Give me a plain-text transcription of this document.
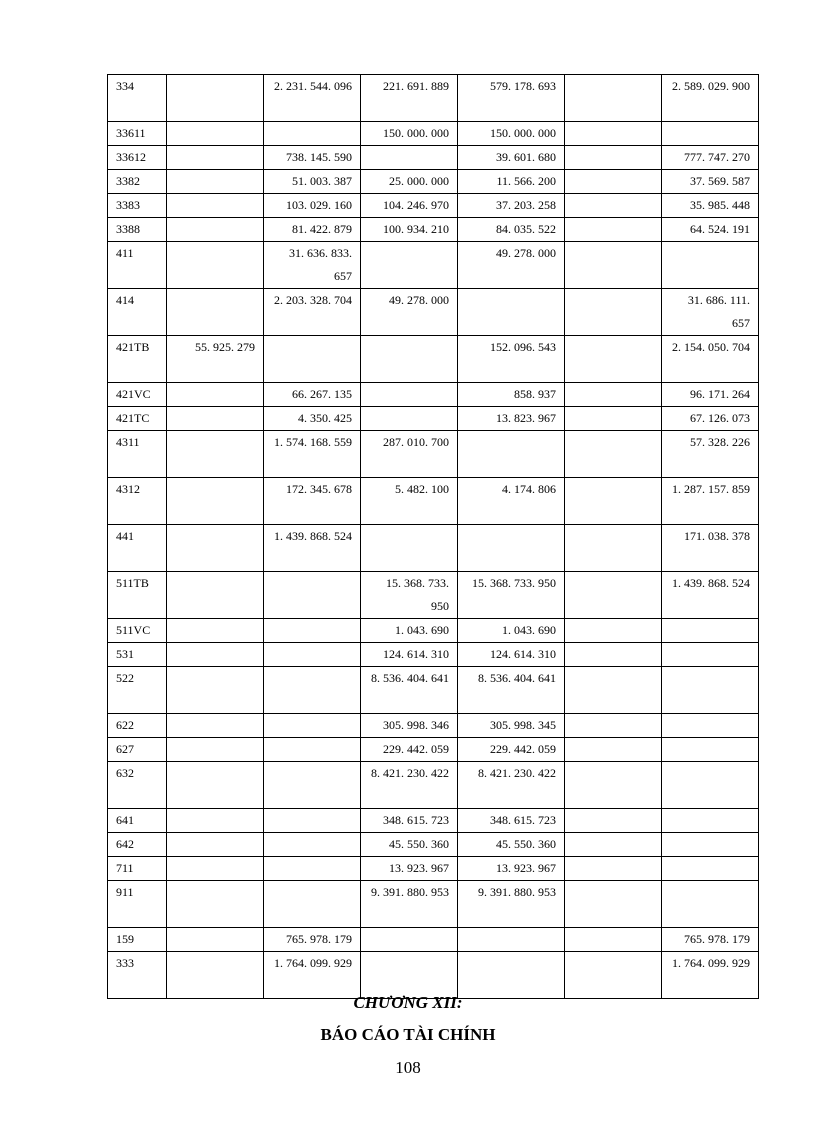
334		2. 231. 544. 096	221. 691. 889	579. 178. 693		2. 589. 029. 900
33611			150. 000. 000	150. 000. 000		
33612		738. 145. 590		39. 601. 680		777. 747. 270
3382		51. 003. 387	25. 000. 000	11. 566. 200		37. 569. 587
3383		103. 029. 160	104. 246. 970	37. 203. 258		35. 985. 448
3388		81. 422. 879	100. 934. 210	84. 035. 522		64. 524. 191
411		31. 636. 833. 657		49. 278. 000		
414		2. 203. 328. 704	49. 278. 000			31. 686. 111. 657
421TB	55. 925. 279			152. 096. 543		2. 154. 050. 704
421VC		66. 267. 135		858. 937		96. 171. 264
421TC		4. 350. 425		13. 823. 967		67. 126. 073
4311		1. 574. 168. 559	287. 010. 700			57. 328. 226
4312		172. 345. 678	5. 482. 100	4. 174. 806		1. 287. 157. 859
441		1. 439. 868. 524				171. 038. 378
511TB			15. 368. 733. 950	15. 368. 733. 950		1. 439. 868. 524
511VC			1. 043. 690	1. 043. 690		
531			124. 614. 310	124. 614. 310		
522			8. 536. 404. 641	8. 536. 404. 641		
622			305. 998. 346	305. 998. 345		
627			229. 442. 059	229. 442. 059		
632			8. 421. 230. 422	8. 421. 230. 422		
641			348. 615. 723	348. 615. 723		
642			45. 550. 360	45. 550. 360		
711			13. 923. 967	13. 923. 967		
911			9. 391. 880. 953	9. 391. 880. 953		
159		765. 978. 179				765. 978. 179
333		1. 764. 099. 929				1. 764. 099. 929
CHƯƠNG XII:
BÁO CÁO TÀI CHÍNH
108
